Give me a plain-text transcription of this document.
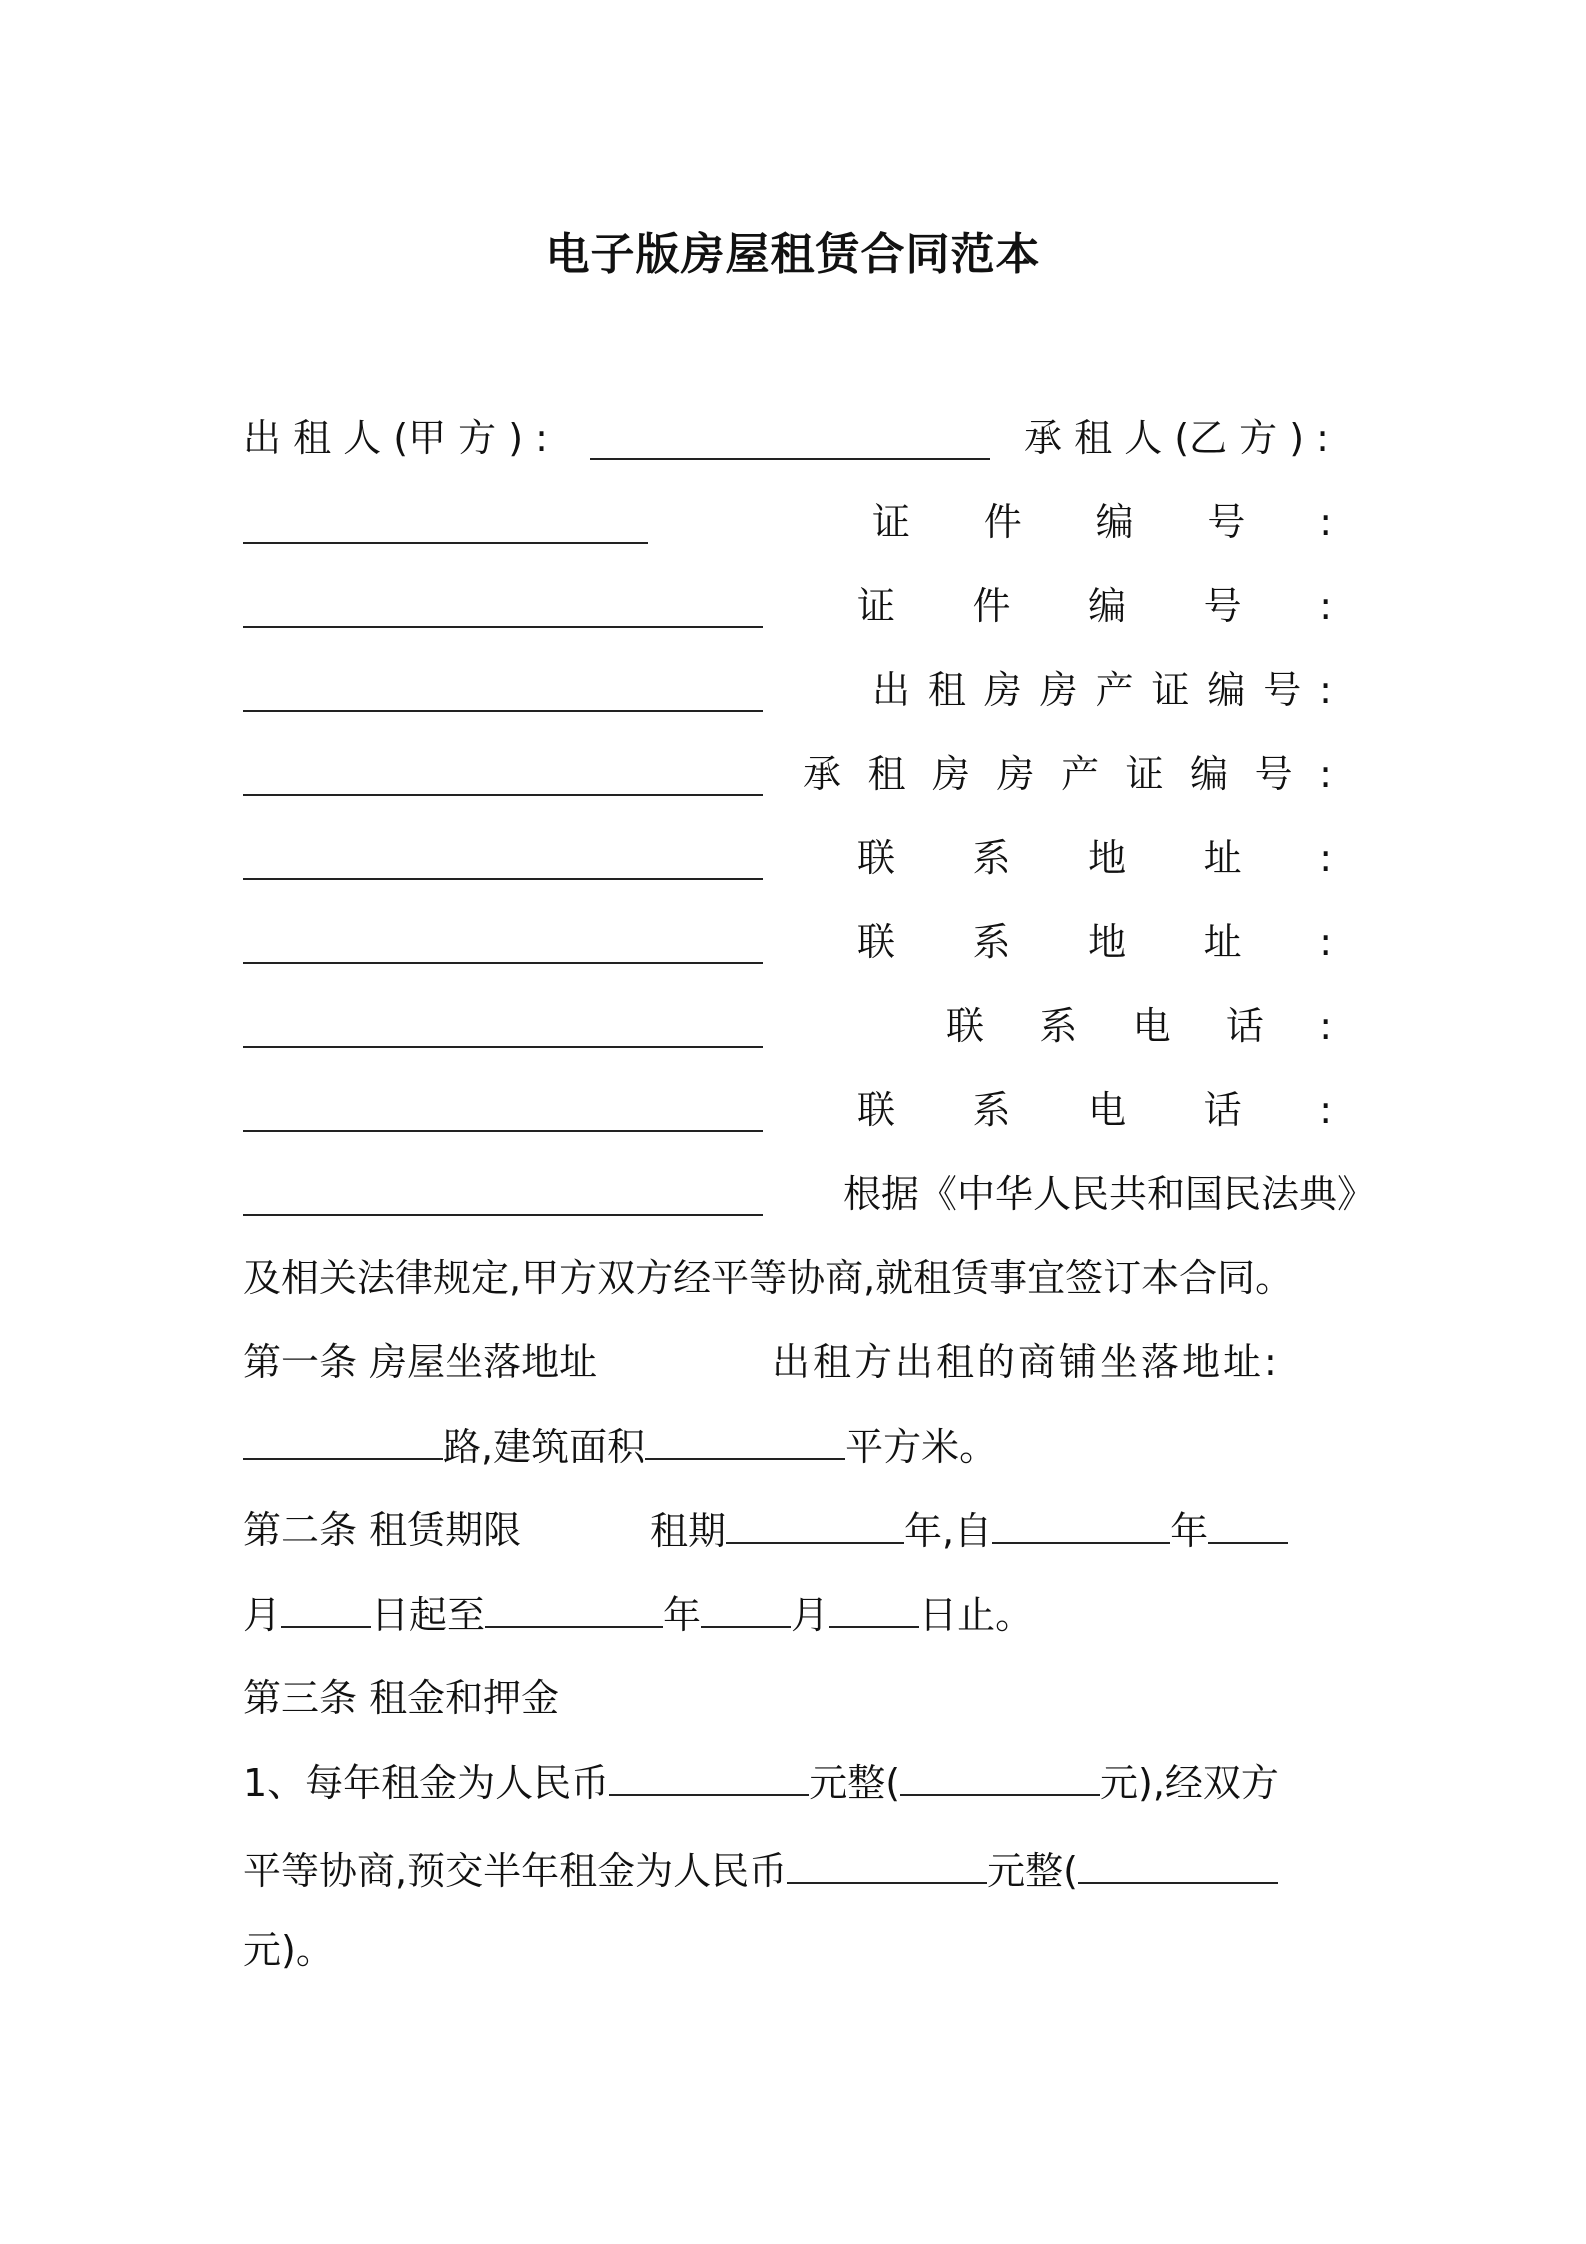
电子版房屋租赁合同范本
出 租 人 (甲 方 ) :	承 租 人 (乙 方 ) :
证 件 编 号 :
证 件 编 号 :
出 租 房 房 产 证 编 号 :
承 租 房 房 产 证 编 号 :
联 系 地 址 :
联 系 地 址 :
联 系 电 话 :
联 系 电 话 :
根据《中华人民共和国民法典》
及相关法律规定,甲方双方经平等协商,就租赁事宜签订本合同。
第一条 房屋坐落地址	出租方出租的商铺坐落地址:
路,建筑面积	平方米。
第二条 租赁期限	租期	年,自	年
月 日起至	年 月 日止。
第三条 租金和押金
1、每年租金为人民币	元整(	元),经双方
平等协商,预交半年租金为人民币	元整(
元)。
